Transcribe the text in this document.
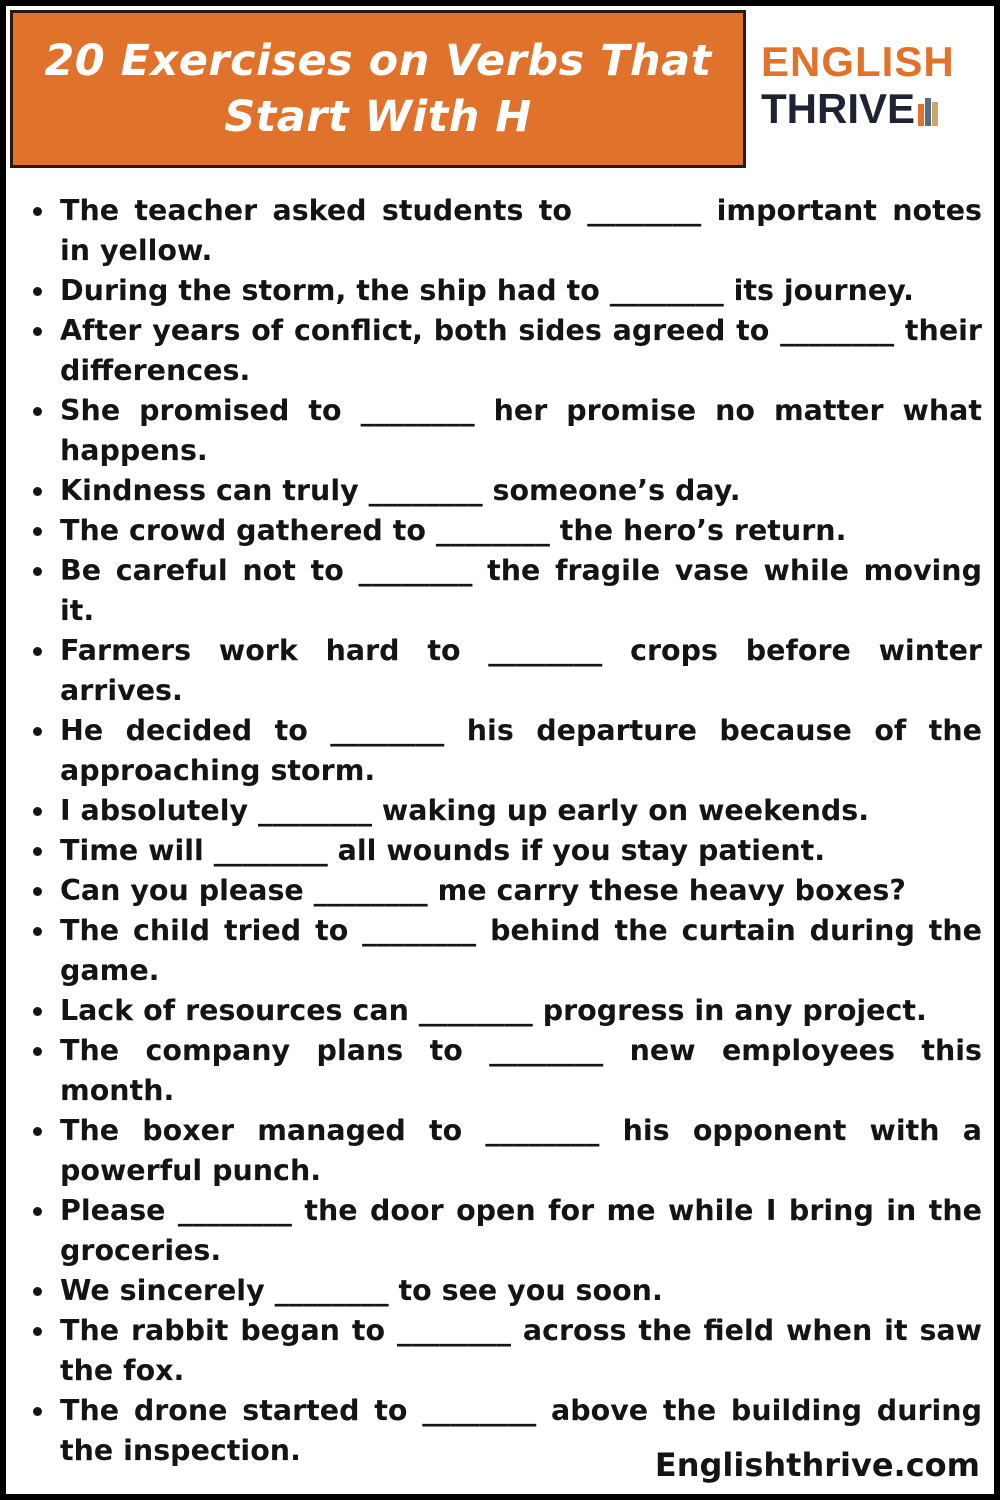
20 Exercises on Verbs That Start With H
ENGLISH
THRIVE
The teacher asked students to ________ important notes in yellow.
During the storm, the ship had to ________ its journey.
After years of conflict, both sides agreed to ________ their differences.
She promised to ________ her promise no matter what happens.
Kindness can truly ________ someone’s day.
The crowd gathered to ________ the hero’s return.
Be careful not to ________ the fragile vase while moving it.
Farmers work hard to ________ crops before winter arrives.
He decided to ________ his departure because of the approaching storm.
I absolutely ________ waking up early on weekends.
Time will ________ all wounds if you stay patient.
Can you please ________ me carry these heavy boxes?
The child tried to ________ behind the curtain during the game.
Lack of resources can ________ progress in any project.
The company plans to ________ new employees this month.
The boxer managed to ________ his opponent with a powerful punch.
Please ________ the door open for me while I bring in the groceries.
We sincerely ________ to see you soon.
The rabbit began to ________ across the field when it saw the fox.
The drone started to ________ above the building during the inspection.	Englishthrive.com
